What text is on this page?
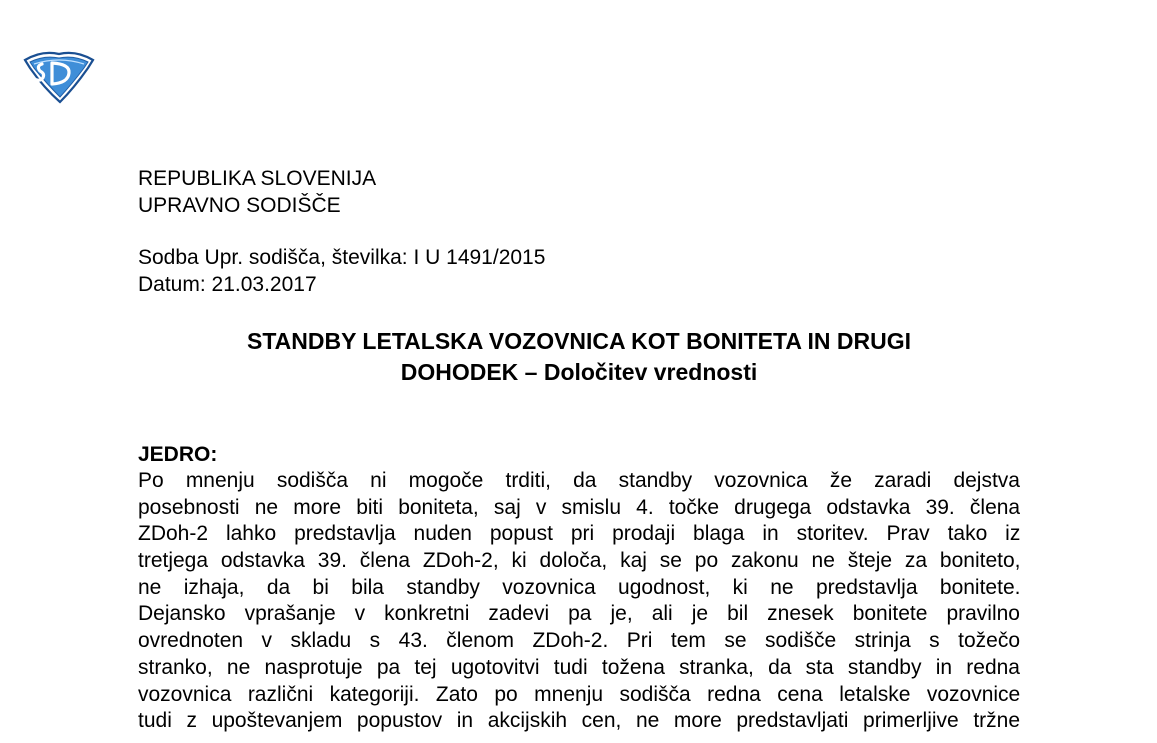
REPUBLIKA SLOVENIJA
UPRAVNO SODIŠČE
Sodba Upr. sodišča, številka: I U 1491/2015
Datum: 21.03.2017
STANDBY LETALSKA VOZOVNICA KOT BONITETA IN DRUGI
DOHODEK – Določitev vrednosti
JEDRO:
Po mnenju sodišča ni mogoče trditi, da standby vozovnica že zaradi dejstva
posebnosti ne more biti boniteta, saj v smislu 4. točke drugega odstavka 39. člena
ZDoh-2 lahko predstavlja nuden popust pri prodaji blaga in storitev. Prav tako iz
tretjega odstavka 39. člena ZDoh-2, ki določa, kaj se po zakonu ne šteje za boniteto,
ne izhaja, da bi bila standby vozovnica ugodnost, ki ne predstavlja bonitete.
Dejansko vprašanje v konkretni zadevi pa je, ali je bil znesek bonitete pravilno
ovrednoten v skladu s 43. členom ZDoh-2. Pri tem se sodišče strinja s tožečo
stranko, ne nasprotuje pa tej ugotovitvi tudi tožena stranka, da sta standby in redna
vozovnica različni kategoriji. Zato po mnenju sodišča redna cena letalske vozovnice
tudi z upoštevanjem popustov in akcijskih cen, ne more predstavljati primerljive tržne
